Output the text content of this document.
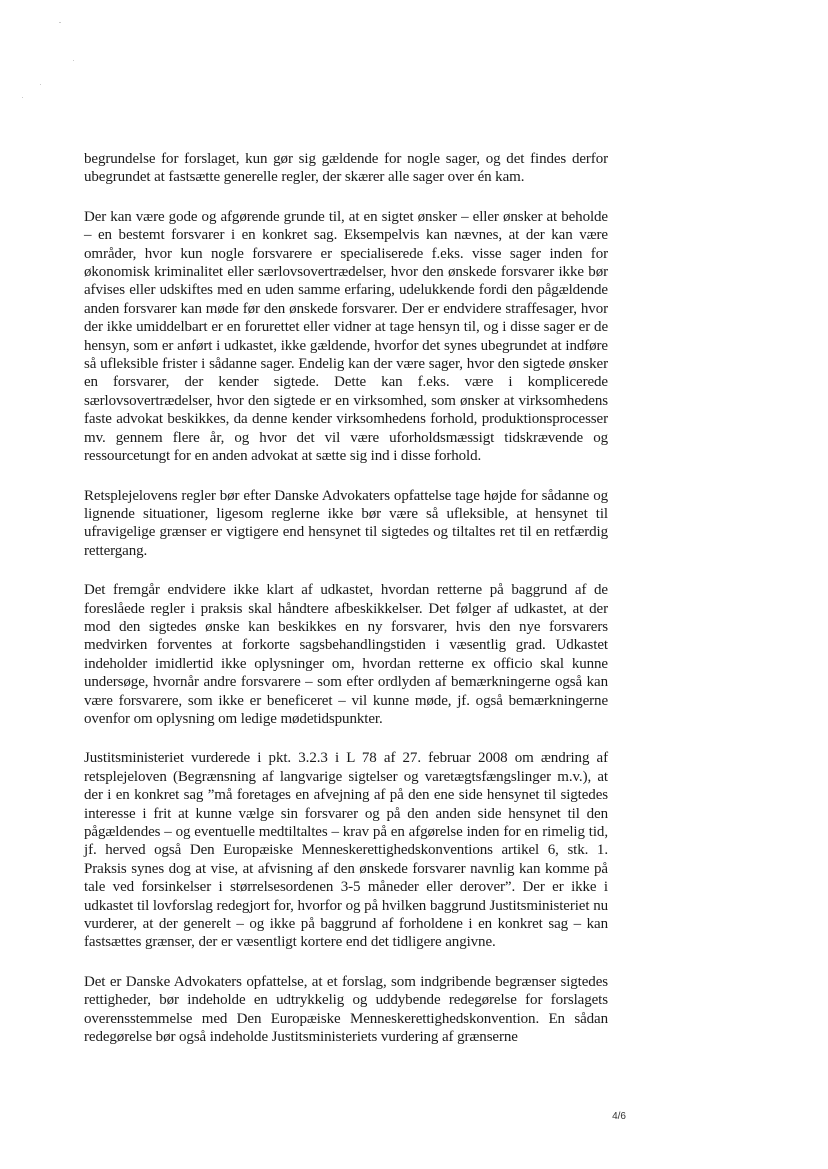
begrundelse for forslaget, kun gør sig gældende for nogle sager, og det findes derfor ubegrundet at fastsætte generelle regler, der skærer alle sager over én kam.

Der kan være gode og afgørende grunde til, at en sigtet ønsker – eller ønsker at beholde – en bestemt forsvarer i en konkret sag. Eksempelvis kan nævnes, at der kan være områder, hvor kun nogle forsvarere er specialiserede f.eks. visse sager inden for økonomisk kriminalitet eller særlovsovertrædelser, hvor den ønskede forsvarer ikke bør afvises eller udskiftes med en uden samme erfaring, udelukkende fordi den pågældende anden forsvarer kan møde før den ønskede forsvarer. Der er endvidere straffesager, hvor der ikke umiddelbart er en forurettet eller vidner at tage hensyn til, og i disse sager er de hensyn, som er anført i udkastet, ikke gældende, hvorfor det synes ubegrundet at indføre så ufleksible frister i sådanne sager. Endelig kan der være sager, hvor den sigtede ønsker en forsvarer, der kender sigtede. Dette kan f.eks. være i komplicerede særlovsovertrædelser, hvor den sigtede er en virksomhed, som ønsker at virksomhedens faste advokat beskikkes, da denne kender virksomhedens forhold, produktionsprocesser mv. gennem flere år, og hvor det vil være uforholdsmæssigt tidskrævende og ressourcetungt for en anden advokat at sætte sig ind i disse forhold.

Retsplejelovens regler bør efter Danske Advokaters opfattelse tage højde for sådanne og lignende situationer, ligesom reglerne ikke bør være så ufleksible, at hensynet til ufravigelige grænser er vigtigere end hensynet til sigtedes og tiltaltes ret til en retfærdig rettergang.

Det fremgår endvidere ikke klart af udkastet, hvordan retterne på baggrund af de foreslåede regler i praksis skal håndtere afbeskikkelser. Det følger af udkastet, at der mod den sigtedes ønske kan beskikkes en ny forsvarer, hvis den nye forsvarers medvirken forventes at forkorte sagsbehandlingstiden i væsentlig grad. Udkastet indeholder imidlertid ikke oplysninger om, hvordan retterne ex officio skal kunne undersøge, hvornår andre forsvarere – som efter ordlyden af bemærkningerne også kan være forsvarere, som ikke er beneficeret – vil kunne møde, jf. også bemærkningerne ovenfor om oplysning om ledige mødetidspunkter.

Justitsministeriet vurderede i pkt. 3.2.3 i L 78 af 27. februar 2008 om ændring af retsplejeloven (Begrænsning af langvarige sigtelser og varetægtsfængslinger m.v.), at der i en konkret sag ”må foretages en afvejning af på den ene side hensynet til sigtedes interesse i frit at kunne vælge sin forsvarer og på den anden side hensynet til den pågældendes – og eventuelle medtiltaltes – krav på en afgørelse inden for en rimelig tid, jf. herved også Den Europæiske Menneskerettighedskonventions artikel 6, stk. 1. Praksis synes dog at vise, at afvisning af den ønskede forsvarer navnlig kan komme på tale ved forsinkelser i størrelsesordenen 3-5 måneder eller derover”. Der er ikke i udkastet til lovforslag redegjort for, hvorfor og på hvilken baggrund Justitsministeriet nu vurderer, at der generelt – og ikke på baggrund af forholdene i en konkret sag – kan fastsættes grænser, der er væsentligt kortere end det tidligere angivne.

Det er Danske Advokaters opfattelse, at et forslag, som indgribende begrænser sigtedes rettigheder, bør indeholde en udtrykkelig og uddybende redegørelse for forslagets overensstemmelse med Den Europæiske Menneskerettighedskonvention. En sådan redegørelse bør også indeholde Justitsministeriets vurdering af grænserne

4/6
